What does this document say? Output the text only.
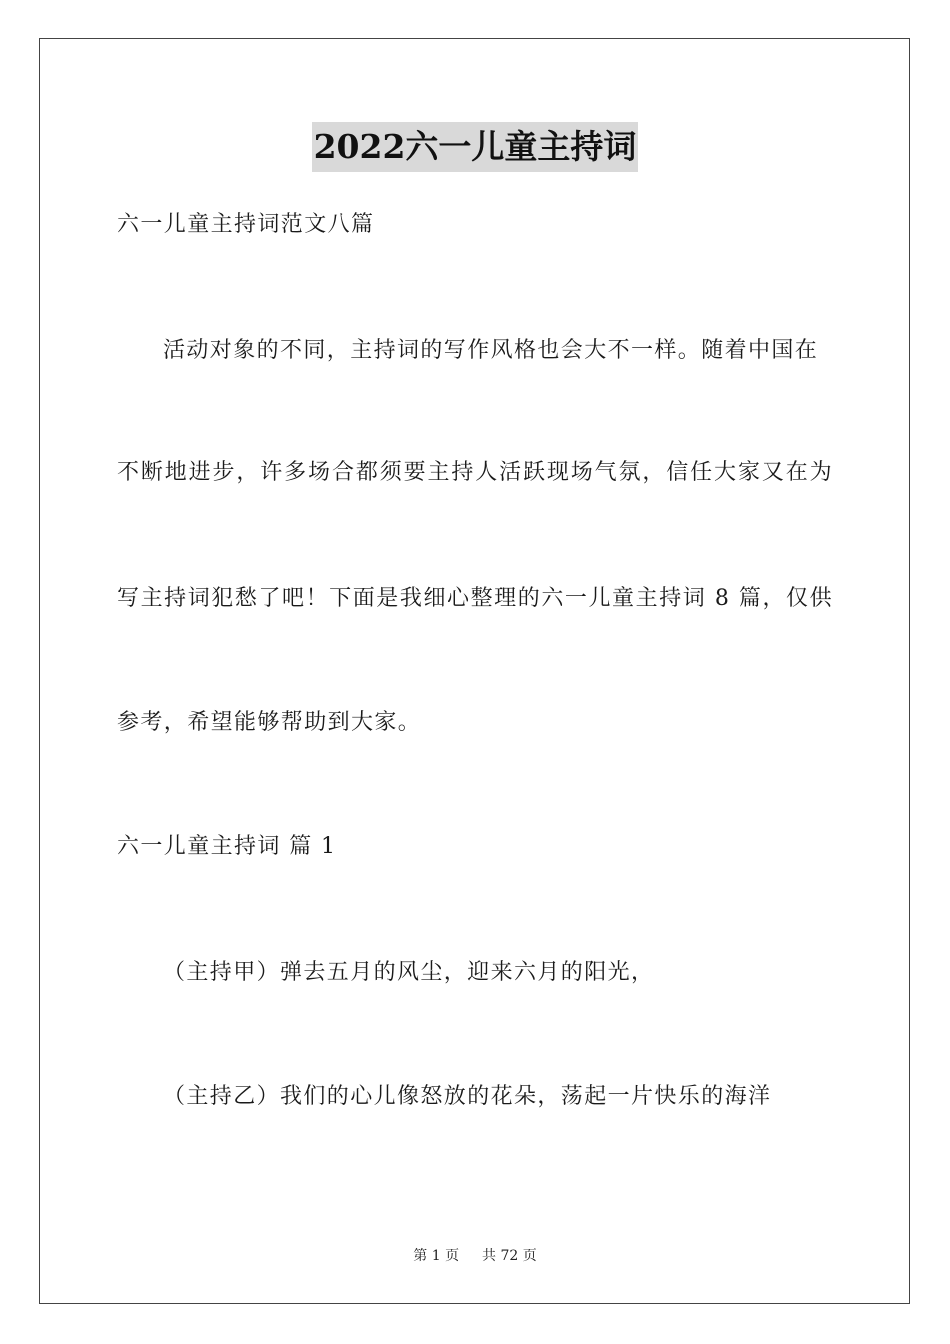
2022六一儿童主持词

六一儿童主持词范文八篇

活动对象的不同，主持词的写作风格也会大不一样。随着中国在

不断地进步，许多场合都须要主持人活跃现场气氛，信任大家又在为

写主持词犯愁了吧！下面是我细心整理的六一儿童主持词 8 篇，仅供

参考，希望能够帮助到大家。

六一儿童主持词 篇 1

（主持甲）弹去五月的风尘，迎来六月的阳光，

（主持乙）我们的心儿像怒放的花朵，荡起一片快乐的海洋

第 1 页 共 72 页
